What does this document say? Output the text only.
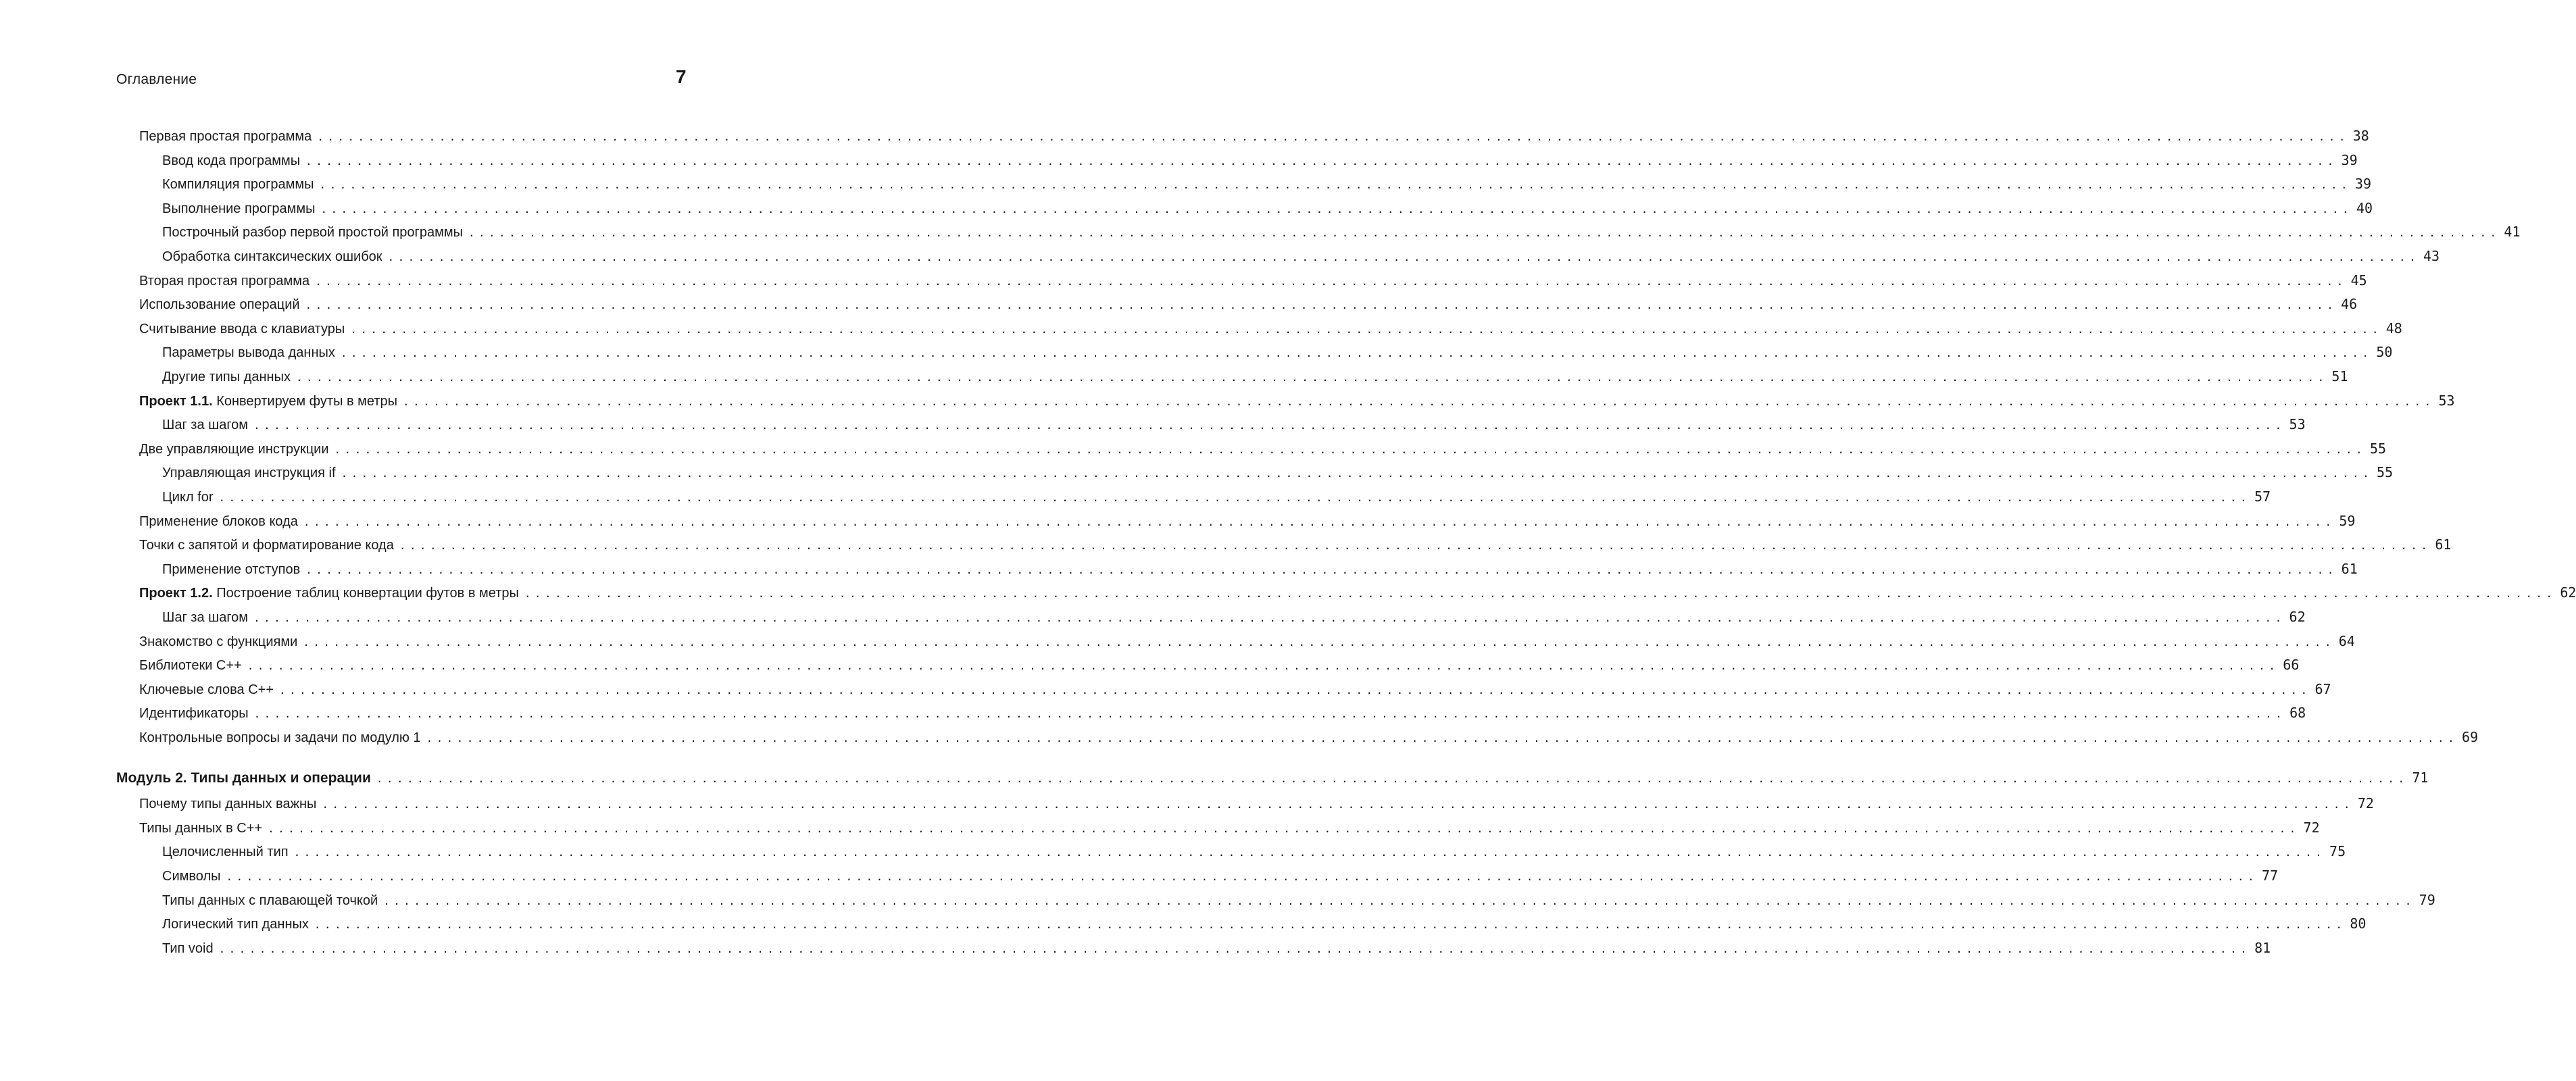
Оглавление	7
Первая простая программа ........................................................................................................................................................................................................ 38
Ввод кода программы ........................................................................................................................................................................................................ 39
Компиляция программы ........................................................................................................................................................................................................ 39
Выполнение программы ........................................................................................................................................................................................................ 40
Построчный разбор первой простой программы ........................................................................................................................................................................................................ 41
Обработка синтаксических ошибок ........................................................................................................................................................................................................ 43
Вторая простая программа ........................................................................................................................................................................................................ 45
Использование операций ........................................................................................................................................................................................................ 46
Считывание ввода с клавиатуры ........................................................................................................................................................................................................ 48
Параметры вывода данных ........................................................................................................................................................................................................ 50
Другие типы данных ........................................................................................................................................................................................................ 51
Проект 1.1. Конвертируем футы в метры ........................................................................................................................................................................................................ 53
Шаг за шагом ........................................................................................................................................................................................................ 53
Две управляющие инструкции ........................................................................................................................................................................................................ 55
Управляющая инструкция if ........................................................................................................................................................................................................ 55
Цикл for ........................................................................................................................................................................................................ 57
Применение блоков кода ........................................................................................................................................................................................................ 59
Точки с запятой и форматирование кода ........................................................................................................................................................................................................ 61
Применение отступов ........................................................................................................................................................................................................ 61
Проект 1.2. Построение таблиц конвертации футов в метры ........................................................................................................................................................................................................ 62
Шаг за шагом ........................................................................................................................................................................................................ 62
Знакомство с функциями ........................................................................................................................................................................................................ 64
Библиотеки C++ ........................................................................................................................................................................................................ 66
Ключевые слова C++ ........................................................................................................................................................................................................ 67
Идентификаторы ........................................................................................................................................................................................................ 68
Контрольные вопросы и задачи по модулю 1 ........................................................................................................................................................................................................ 69
Модуль 2. Типы данных и операции ........................................................................................................................................................................................................ 71
Почему типы данных важны ........................................................................................................................................................................................................ 72
Типы данных в C++ ........................................................................................................................................................................................................ 72
Целочисленный тип ........................................................................................................................................................................................................ 75
Символы ........................................................................................................................................................................................................ 77
Типы данных с плавающей точкой ........................................................................................................................................................................................................ 79
Логический тип данных ........................................................................................................................................................................................................ 80
Тип void ........................................................................................................................................................................................................ 81
